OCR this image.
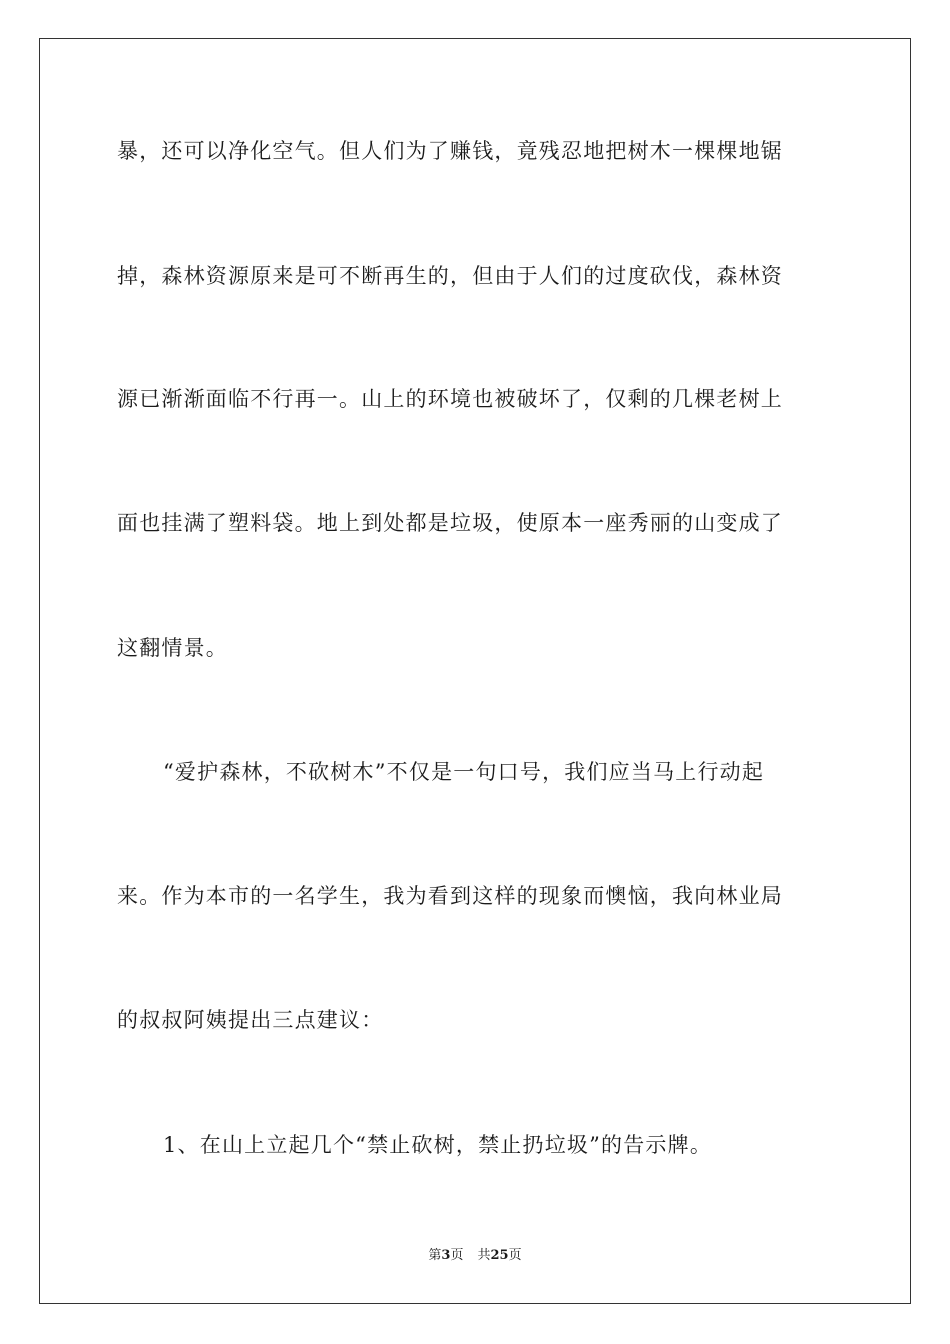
暴，还可以净化空气。但人们为了赚钱，竟残忍地把树木一棵棵地锯
掉，森林资源原来是可不断再生的，但由于人们的过度砍伐，森林资
源已渐渐面临不行再一。山上的环境也被破坏了，仅剩的几棵老树上
面也挂满了塑料袋。地上到处都是垃圾，使原本一座秀丽的山变成了
这翻情景。
“爱护森林，不砍树木”不仅是一句口号，我们应当马上行动起
来。作为本市的一名学生，我为看到这样的现象而懊恼，我向林业局
的叔叔阿姨提出三点建议：
1、在山上立起几个“禁止砍树，禁止扔垃圾”的告示牌。
第3页 共25页
